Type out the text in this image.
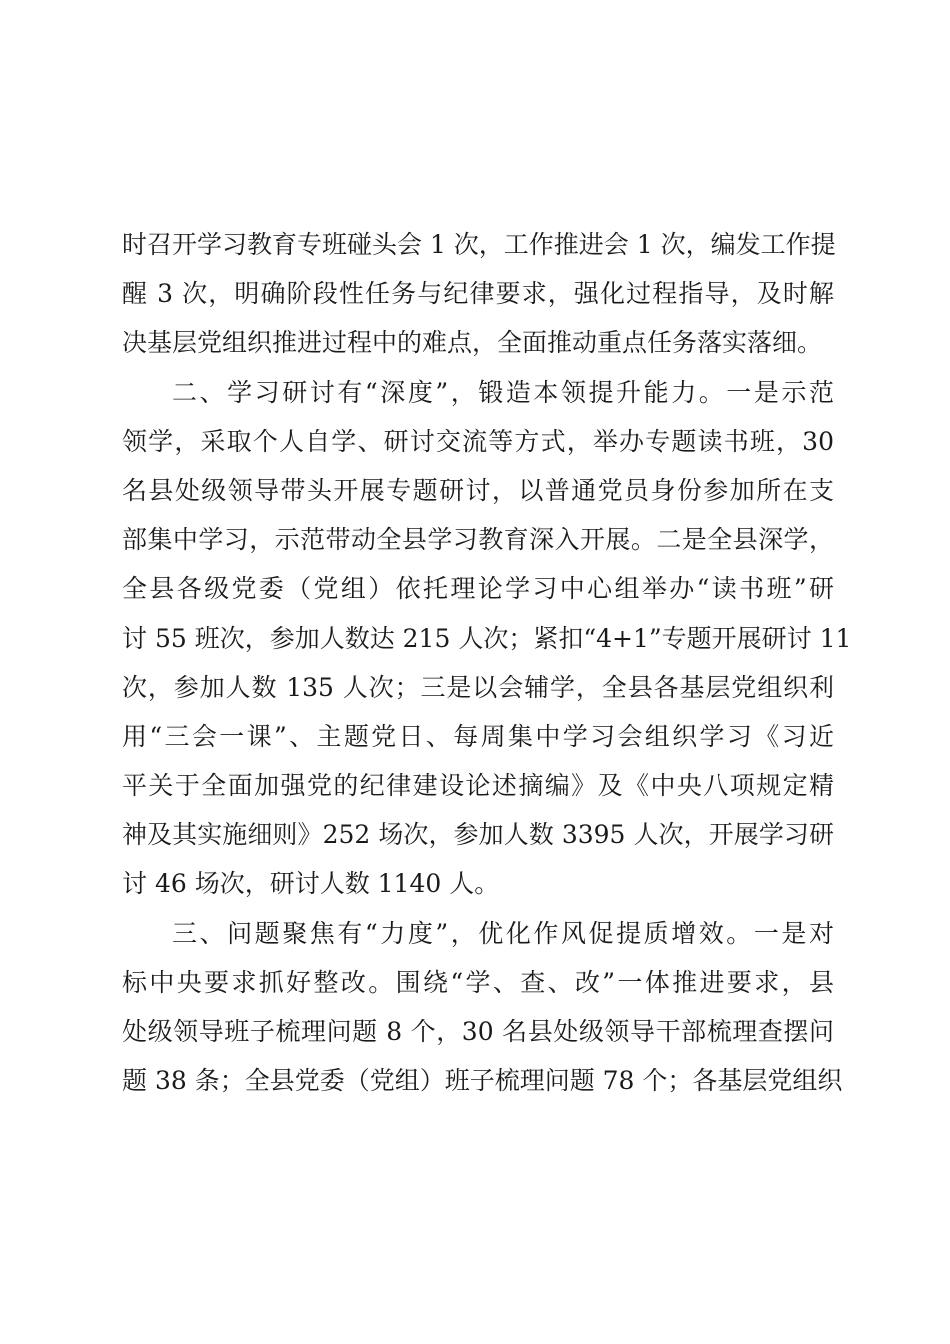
时召开学习教育专班碰头会 1 次，工作推进会 1 次，编发工作提
醒 3 次，明确阶段性任务与纪律要求，强化过程指导，及时解
决基层党组织推进过程中的难点，全面推动重点任务落实落细。
二、学习研讨有“深度”，锻造本领提升能力。一是示范
领学，采取个人自学、研讨交流等方式，举办专题读书班，30
名县处级领导带头开展专题研讨，以普通党员身份参加所在支
部集中学习，示范带动全县学习教育深入开展。二是全县深学，
全县各级党委（党组）依托理论学习中心组举办“读书班”研
讨 55 班次，参加人数达 215 人次；紧扣“4+1”专题开展研讨 11
次，参加人数 135 人次；三是以会辅学，全县各基层党组织利
用“三会一课”、主题党日、每周集中学习会组织学习《习近
平关于全面加强党的纪律建设论述摘编》及《中央八项规定精
神及其实施细则》252 场次，参加人数 3395 人次，开展学习研
讨 46 场次，研讨人数 1140 人。
三、问题聚焦有“力度”，优化作风促提质增效。一是对
标中央要求抓好整改。围绕“学、查、改”一体推进要求，县
处级领导班子梳理问题 8 个，30 名县处级领导干部梳理查摆问
题 38 条；全县党委（党组）班子梳理问题 78 个；各基层党组织
